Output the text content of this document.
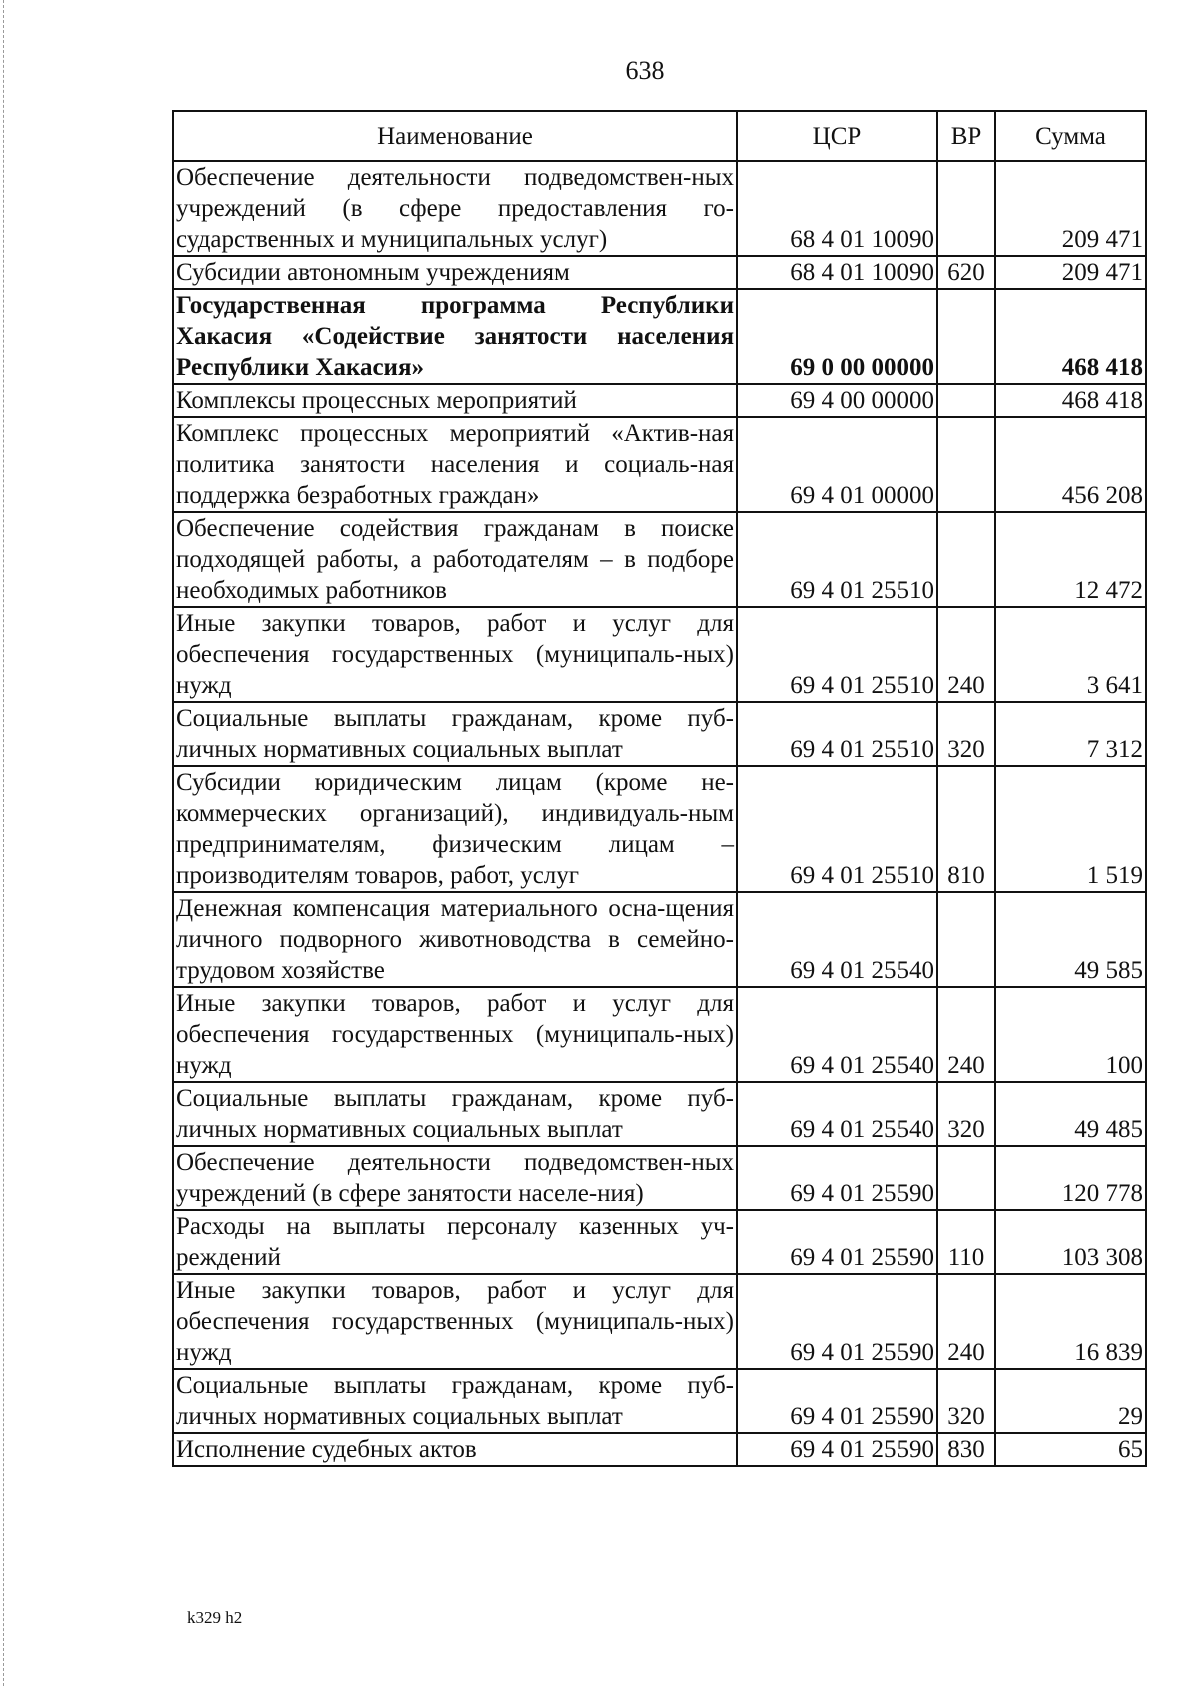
638
Наименование	ЦСР	ВР	Сумма
Обеспечение деятельности подведомствен-ных учреждений (в сфере предоставления го-сударственных и муниципальных услуг)	68 4 01 10090		209 471
Субсидии автономным учреждениям	68 4 01 10090	620	209 471
Государственная программа Республики Хакасия «Содействие занятости населения Республики Хакасия»	69 0 00 00000		468 418
Комплексы процессных мероприятий	69 4 00 00000		468 418
Комплекс процессных мероприятий «Актив-ная политика занятости населения и социаль-ная поддержка безработных граждан»	69 4 01 00000		456 208
Обеспечение содействия гражданам в поиске подходящей работы, а работодателям – в подборе необходимых работников	69 4 01 25510		12 472
Иные закупки товаров, работ и услуг для обеспечения государственных (муниципаль-ных) нужд	69 4 01 25510	240	3 641
Социальные выплаты гражданам, кроме пуб-личных нормативных социальных выплат	69 4 01 25510	320	7 312
Субсидии юридическим лицам (кроме не-коммерческих организаций), индивидуаль-ным предпринимателям, физическим лицам – производителям товаров, работ, услуг	69 4 01 25510	810	1 519
Денежная компенсация материального осна-щения личного подворного животноводства в семейно-трудовом хозяйстве	69 4 01 25540		49 585
Иные закупки товаров, работ и услуг для обеспечения государственных (муниципаль-ных) нужд	69 4 01 25540	240	100
Социальные выплаты гражданам, кроме пуб-личных нормативных социальных выплат	69 4 01 25540	320	49 485
Обеспечение деятельности подведомствен-ных учреждений (в сфере занятости населе-ния)	69 4 01 25590		120 778
Расходы на выплаты персоналу казенных уч-реждений	69 4 01 25590	110	103 308
Иные закупки товаров, работ и услуг для обеспечения государственных (муниципаль-ных) нужд	69 4 01 25590	240	16 839
Социальные выплаты гражданам, кроме пуб-личных нормативных социальных выплат	69 4 01 25590	320	29
Исполнение судебных актов	69 4 01 25590	830	65
k329 h2
